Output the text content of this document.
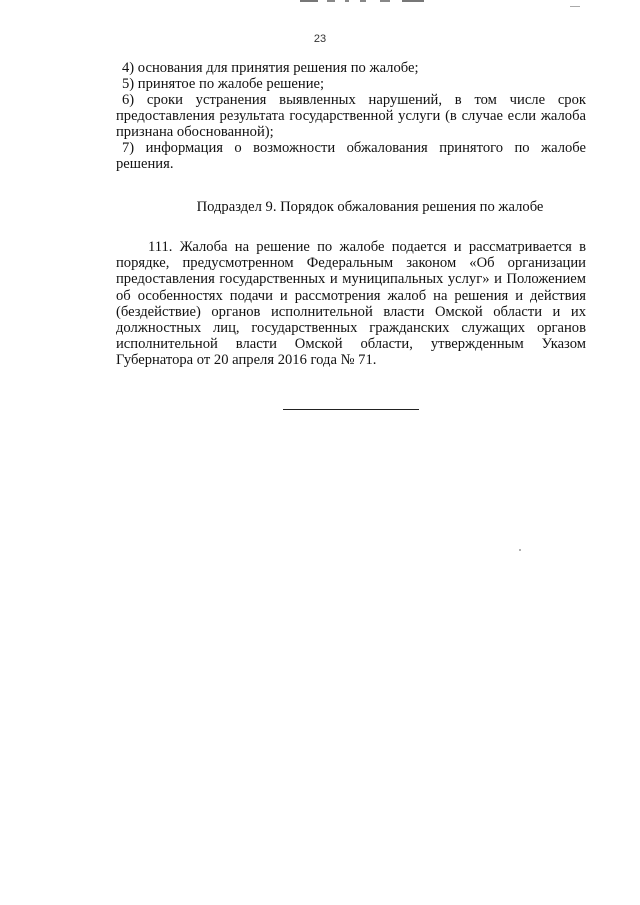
23

4) основания для принятия решения по жалобе;

5) принятое по жалобе решение;

6) сроки устранения выявленных нарушений, в том числе срок предоставления результата государственной услуги (в случае если жалоба признана обоснованной);

7) информация о возможности обжалования принятого по жалобе решения.

Подраздел 9. Порядок обжалования решения по жалобе

111. Жалоба на решение по жалобе подается и рассматривается в порядке, предусмотренном Федеральным законом «Об организации предоставления государственных и муниципальных услуг» и Положением об особенностях подачи и рассмотрения жалоб на решения и действия (бездействие) органов исполнительной власти Омской области и их должностных лиц, государственных гражданских служащих органов исполнительной власти Омской области, утвержденным Указом Губернатора от 20 апреля 2016 года № 71.
